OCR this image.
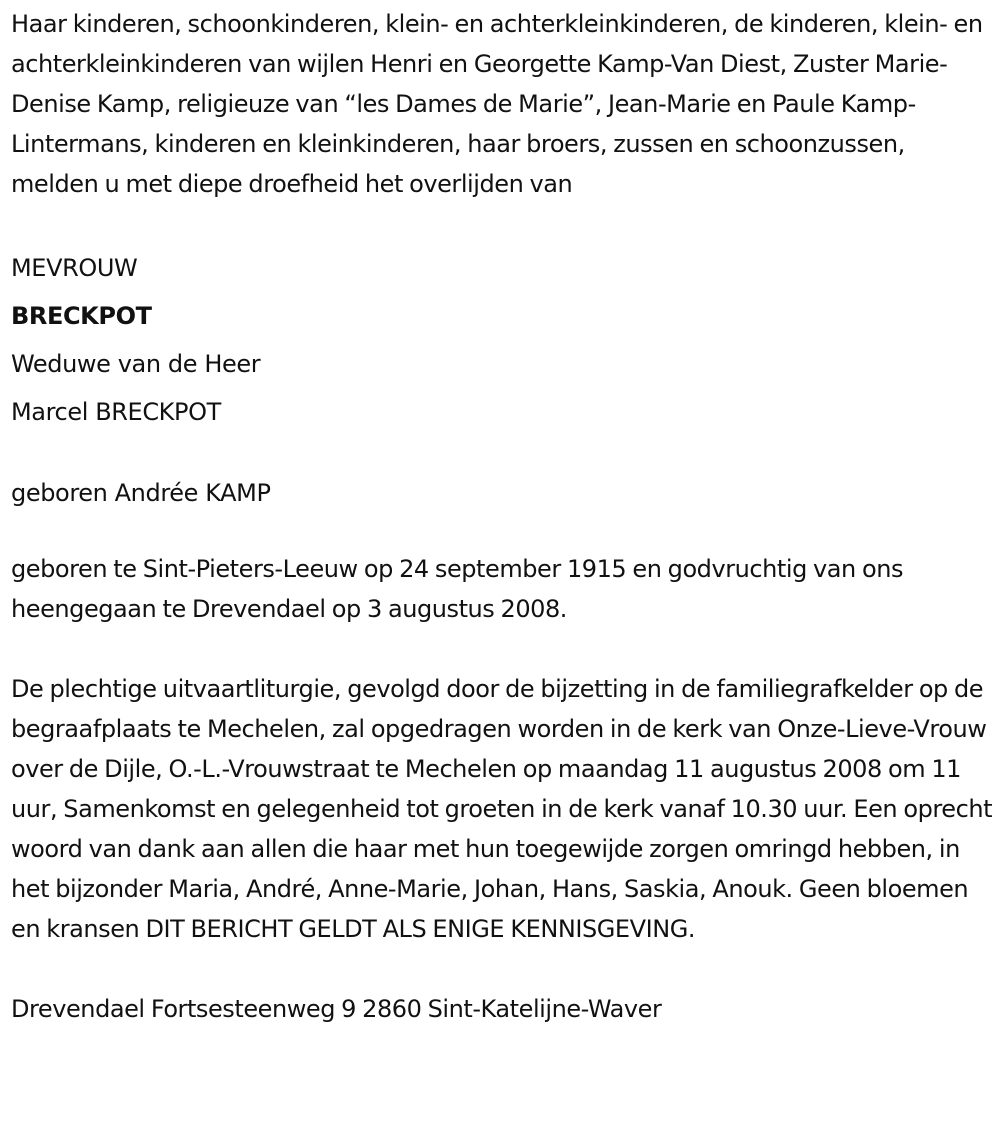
Haar kinderen, schoonkinderen, klein- en achterkleinkinderen, de kinderen, klein- en achterkleinkinderen van wijlen Henri en Georgette Kamp-Van Diest, Zuster Marie-Denise Kamp, religieuze van “les Dames de Marie”, Jean-Marie en Paule Kamp-Lintermans, kinderen en kleinkinderen, haar broers, zussen en schoonzussen, melden u met diepe droefheid het overlijden van

MEVROUW

BRECKPOT

Weduwe van de Heer

Marcel BRECKPOT

geboren Andrée KAMP

geboren te Sint-Pieters-Leeuw op 24 september 1915 en godvruchtig van ons heengegaan te Drevendael op 3 augustus 2008.

De plechtige uitvaartliturgie, gevolgd door de bijzetting in de familiegrafkelder op de begraafplaats te Mechelen, zal opgedragen worden in de kerk van Onze-Lieve-Vrouw over de Dijle, O.-L.-Vrouwstraat te Mechelen op maandag 11 augustus 2008 om 11 uur, Samenkomst en gelegenheid tot groeten in de kerk vanaf 10.30 uur. Een oprecht woord van dank aan allen die haar met hun toegewijde zorgen omringd hebben, in het bijzonder Maria, André, Anne-Marie, Johan, Hans, Saskia, Anouk. Geen bloemen en kransen DIT BERICHT GELDT ALS ENIGE KENNISGEVING.

Drevendael Fortsesteenweg 9 2860 Sint-Katelijne-Waver
